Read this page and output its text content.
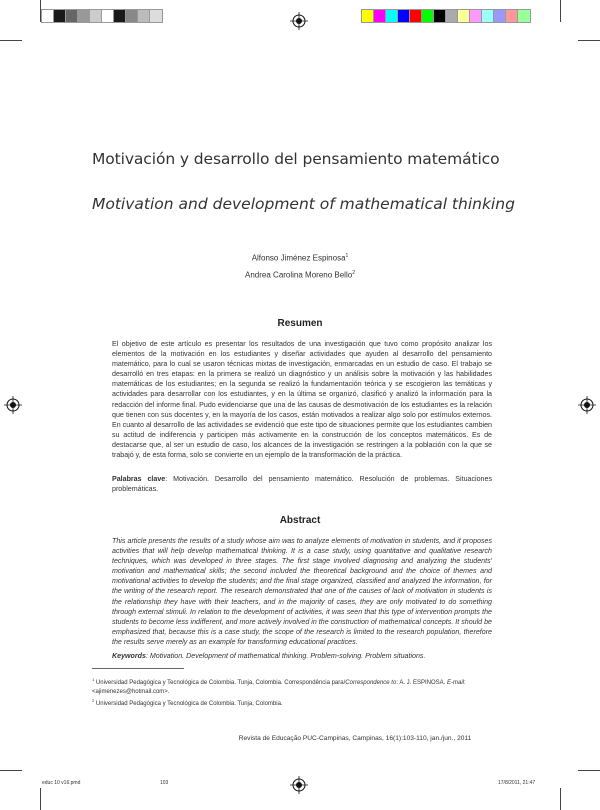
Motivación y desarrollo del pensamiento matemático
Motivation and development of mathematical thinking
Alfonso Jiménez Espinosa$^1$
Andrea Carolina Moreno Bello$^2$
Resumen
El objetivo de este artículo es presentar los resultados de una investigación que tuvo como propósito analizar los elementos de la motivación en los estudiantes y diseñar actividades que ayuden al desarrollo del pensamiento matemático, para lo cual se usaron técnicas mixtas de investigación, enmarcadas en un estudio de caso. El trabajo se desarrolló en tres etapas: en la primera se realizó un diagnóstico y un análisis sobre la motivación y las habilidades matemáticas de los estudiantes; en la segunda se realizó la fundamentación teórica y se escogieron las temáticas y actividades para desarrollar con los estudiantes, y en la última se organizó, clasificó y analizó la información para la redacción del informe final. Pudo evidenciarse que una de las causas de desmotivación de los estudiantes es la relación que tienen con sus docentes y, en la mayoría de los casos, están motivados a realizar algo solo por estímulos externos. En cuanto al desarrollo de las actividades se evidenció que este tipo de situaciones permite que los estudiantes cambien su actitud de indiferencia y participen más activamente en la construcción de los conceptos matemáticos. Es de destacarse que, al ser un estudio de caso, los alcances de la investigación se restringen a la población con la que se trabajó y, de esta forma, solo se convierte en un ejemplo de la transformación de la práctica.
Palabras clave: Motivación. Desarrollo del pensamiento matemático. Resolución de problemas. Situaciones problemáticas.
Abstract
This article presents the results of a study whose aim was to analyze elements of motivation in students, and it proposes activities that will help develop mathematical thinking. It is a case study, using quantitative and qualitative research techniques, which was developed in three stages. The first stage involved diagnosing and analyzing the students' motivation and mathematical skills; the second included the theoretical background and the choice of themes and motivational activities to develop the students; and the final stage organized, classified and analyzed the information, for the writing of the research report. The research demonstrated that one of the causes of lack of motivation in students is the relationship they have with their teachers, and in the majority of cases, they are only motivated to do something through external stimuli. In relation to the development of activities, it was seen that this type of intervention prompts the students to become less indifferent, and more actively involved in the construction of mathematical concepts. It should be emphasized that, because this is a case study, the scope of the research is limited to the research population, therefore the results serve merely as an example for transforming educational practices.
Keywords: Motivation. Development of mathematical thinking. Problem-solving. Problem situations.
$^1$ Universidad Pedagógica y Tecnológica de Colombia. Tunja, Colombia. Correspondência para/Correspondence to: A. J. ESPINOSA. E-mail: <ajimenezes@hotmail.com>.
$^2$ Universidad Pedagógica y Tecnológica de Colombia. Tunja, Colombia.
Revista de Educação PUC-Campinas, Campinas, 16(1):103-110, jan./jun., 2011
educ 10 v16.pmd	103	17/8/2011, 21:47
